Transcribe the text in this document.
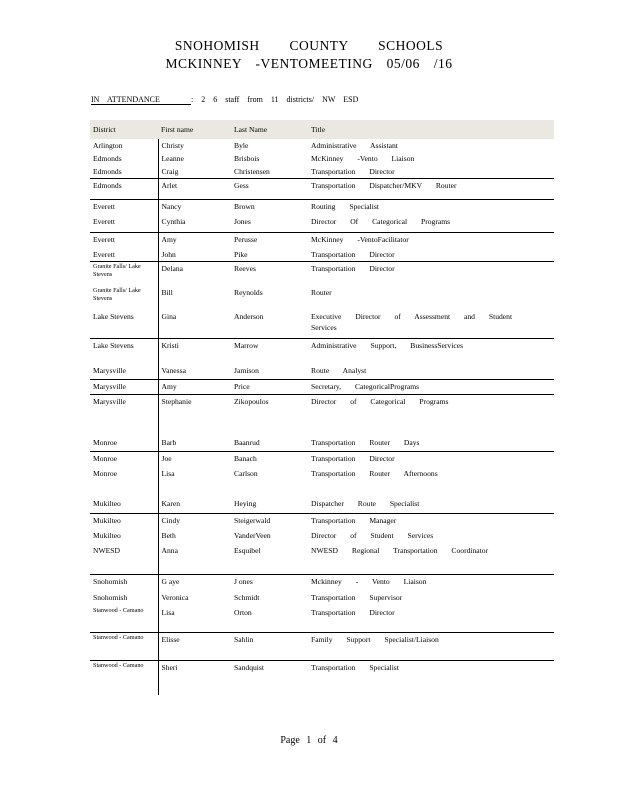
SNOHOMISH COUNTY SCHOOLS
MCKINNEY -VENTOMEETING 05/06 /16
IN ATTENDANCE	: 2 6 staff from 11 districts/ NW ESD
District	First name	Last Name	Title
Arlington	Christy	Byle	Administrative Assistant
Edmonds	Leanne	Brisbois	McKinney -Vento Liaison
Edmonds	Craig	Christensen	Transportation Director
Edmonds	Arlet	Gess	Transportation Dispatcher/MKV Router
Everett	Nancy	Brown	Routing Specialist
Everett	Cynthia	Jones	Director Of Categorical Programs
Everett	Amy	Perusse	McKinney -VentoFacilitator
Everett	John	Pike	Transportation Director
Granite Falls/ Lake Stevens	Delana	Reeves	Transportation Director
Granite Falls/ Lake Stevens	Bill	Reynolds	Router
Lake Stevens	Gina	Anderson	Executive Director of Assessment and Student Services
Lake Stevens	Kristi	Marrow	Administrative Support, BusinessServices
Marysville	Vanessa	Jamison	Route Analyst
Marysville	Amy	Price	Secretary, CategoricalPrograms
Marysville	Stephanie	Zikopoulos	Director of Categorical Programs
Monroe	Barb	Baanrud	Transportation Router Days
Monroe	Joe	Banach	Transportation Director
Monroe	Lisa	Carlson	Transportation Router Afternoons
Mukilteo	Karen	Heying	Dispatcher Route Specialist
Mukilteo	Cindy	Steigerwald	Transportation Manager
Mukilteo	Beth	VanderVeen	Director of Student Services
NWESD	Anna	Esquibel	NWESD Regional Transportation Coordinator
Snohomish	G aye	J ones	Mckinney - Vento Liaison
Snohomish	Veronica	Schmidt	Transportation Supervisor
Stanwood - Camano	Lisa	Orton	Transportation Director
Stanwood - Camano	Elisse	Sahlin	Family Support Specialist/Liaison
Stanwood - Camano	Sheri	Sandquist	Transportation Specialist
Page 1 of 4
